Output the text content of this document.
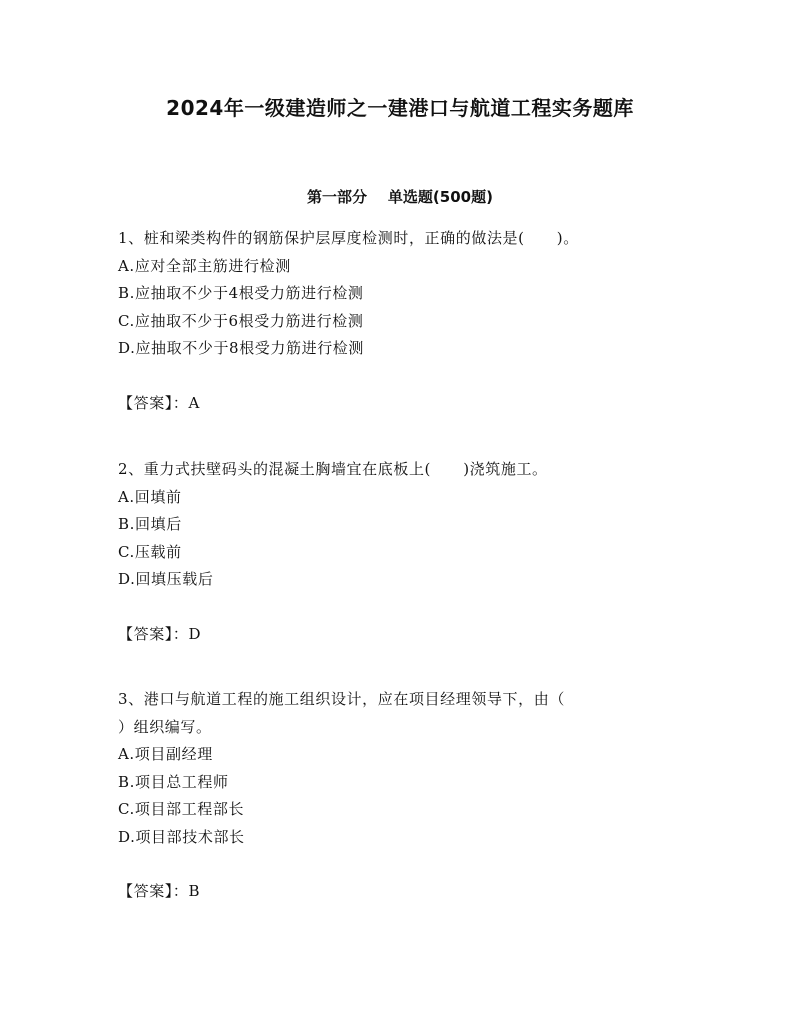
2024年一级建造师之一建港口与航道工程实务题库
第一部分    单选题(500题)
1、桩和梁类构件的钢筋保护层厚度检测时，正确的做法是(      )。
A.应对全部主筋进行检测
B.应抽取不少于4根受力筋进行检测
C.应抽取不少于6根受力筋进行检测
D.应抽取不少于8根受力筋进行检测
【答案】：A
2、重力式扶壁码头的混凝土胸墙宜在底板上(      )浇筑施工。
A.回填前
B.回填后
C.压载前
D.回填压载后
【答案】：D
3、港口与航道工程的施工组织设计，应在项目经理领导下，由（
）组织编写。
A.项目副经理
B.项目总工程师
C.项目部工程部长
D.项目部技术部长
【答案】：B
